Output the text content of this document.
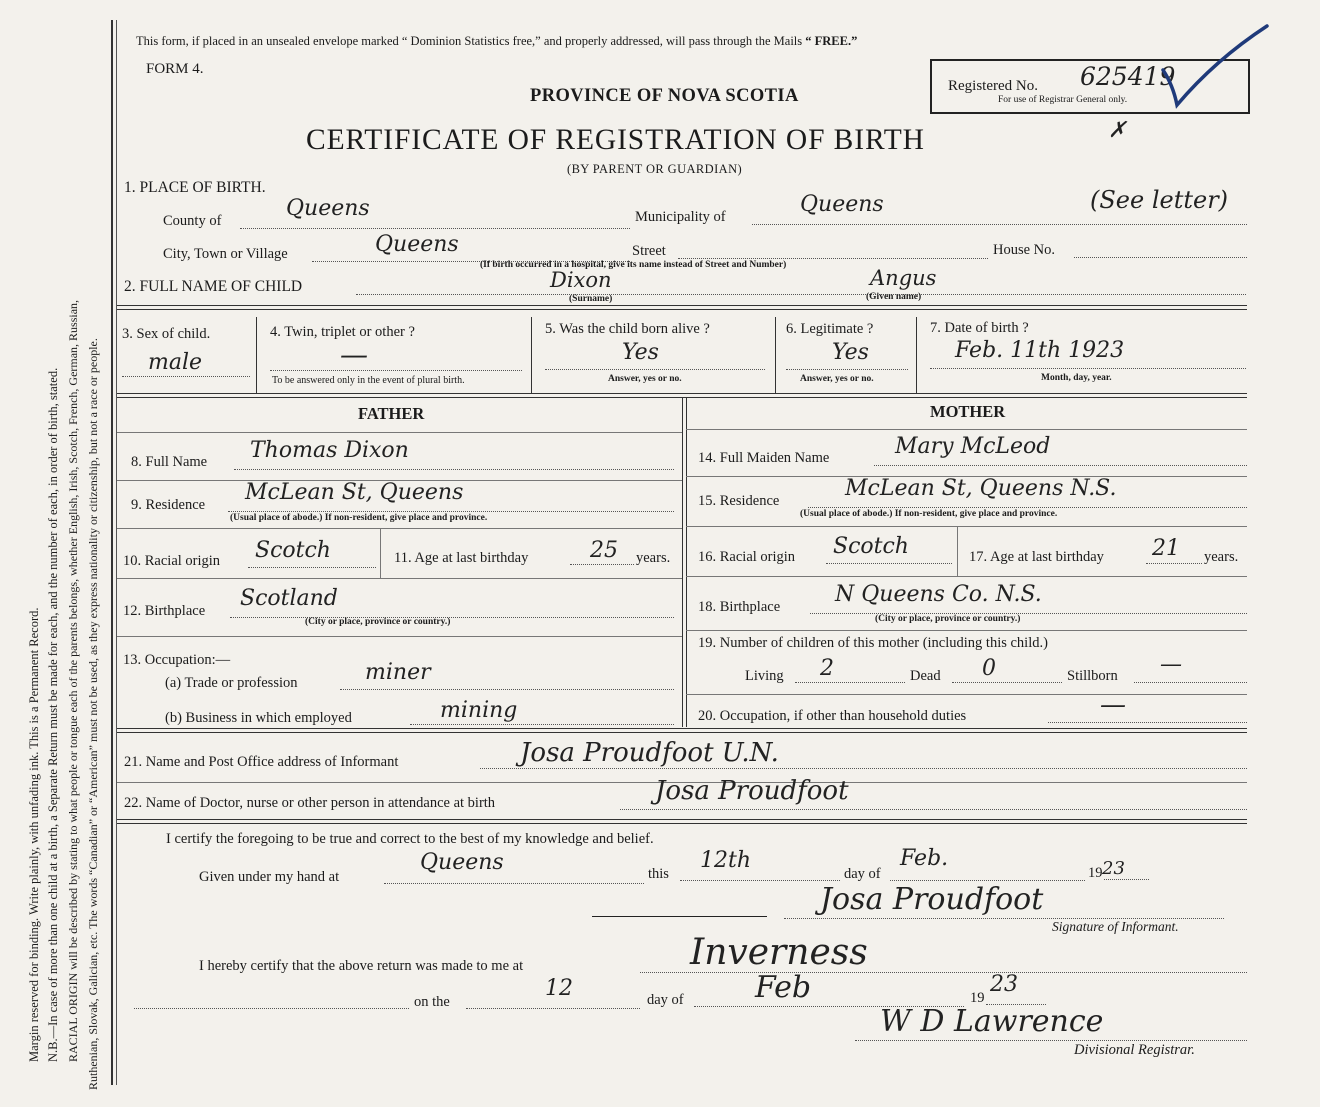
Margin reserved for binding. Write plainly, with unfading ink. This is a Permanent Record. N.B.—In case of more than one child at a birth, a Separate Return must be made for each, and the number of each, in order of birth, stated. RACIAL ORIGIN will be described by stating to what people or tongue each of the parents belongs, whether English, Irish, Scotch, French, German, Russian, Ruthenian, Slovak, Galician, etc. The words “Canadian” or “American” must not be used, as they express nationality or citizenship, but not a race or people.
This form, if placed in an unsealed envelope marked “ Dominion Statistics free,” and properly addressed, will pass through the Mails “ FREE.”
FORM 4.
PROVINCE OF NOVA SCOTIA
CERTIFICATE OF REGISTRATION OF BIRTH
(BY PARENT OR GUARDIAN)
Registered No. 625419
For use of Registrar General only.
✗
1. PLACE OF BIRTH.
County of	Queens	Municipality of	Queens	(See letter)
City, Town or Village	Queens	Street	House No.
(If birth occurred in a hospital, give its name instead of Street and Number)
2. FULL NAME OF CHILD	Dixon	Angus
(Surname)	(Given name)
3. Sex of child.
male
4. Twin, triplet or other ?
—
To be answered only in the event of plural birth.
5. Was the child born alive ?
Yes
Answer, yes or no.
6. Legitimate ?
Yes
Answer, yes or no.
7. Date of birth ?
Feb. 11th 1923
Month, day, year.
FATHER	MOTHER
8. Full Name Thomas Dixon
9. Residence McLean St, Queens
(Usual place of abode.) If non-resident, give place and province.
10. Racial origin Scotch	11. Age at last birthday	25 years.
12. Birthplace Scotland
(City or place, province or country.)
13. Occupation:—
(a) Trade or profession	miner
(b) Business in which employed	mining
14. Full Maiden Name	Mary McLeod
15. Residence	McLean St, Queens N.S.
(Usual place of abode.) If non-resident, give place and province.
16. Racial origin Scotch	17. Age at last birthday 21 years.
18. Birthplace N Queens Co. N.S.
(City or place, province or country.)
19. Number of children of this mother (including this child.)
Living 2	Dead 0	Stillborn —
20. Occupation, if other than household duties	—
21. Name and Post Office address of Informant	Josa Proudfoot U.N.
22. Name of Doctor, nurse or other person in attendance at birth	Josa Proudfoot
I certify the foregoing to be true and correct to the best of my knowledge and belief.
Given under my hand at
Queens	this
12th
day of
Feb.
19 23
Josa Proudfoot
Signature of Informant.
I hereby certify that the above return was made to me at	Inverness
on the
12	day of Feb	19
23
W D Lawrence
Divisional Registrar.
